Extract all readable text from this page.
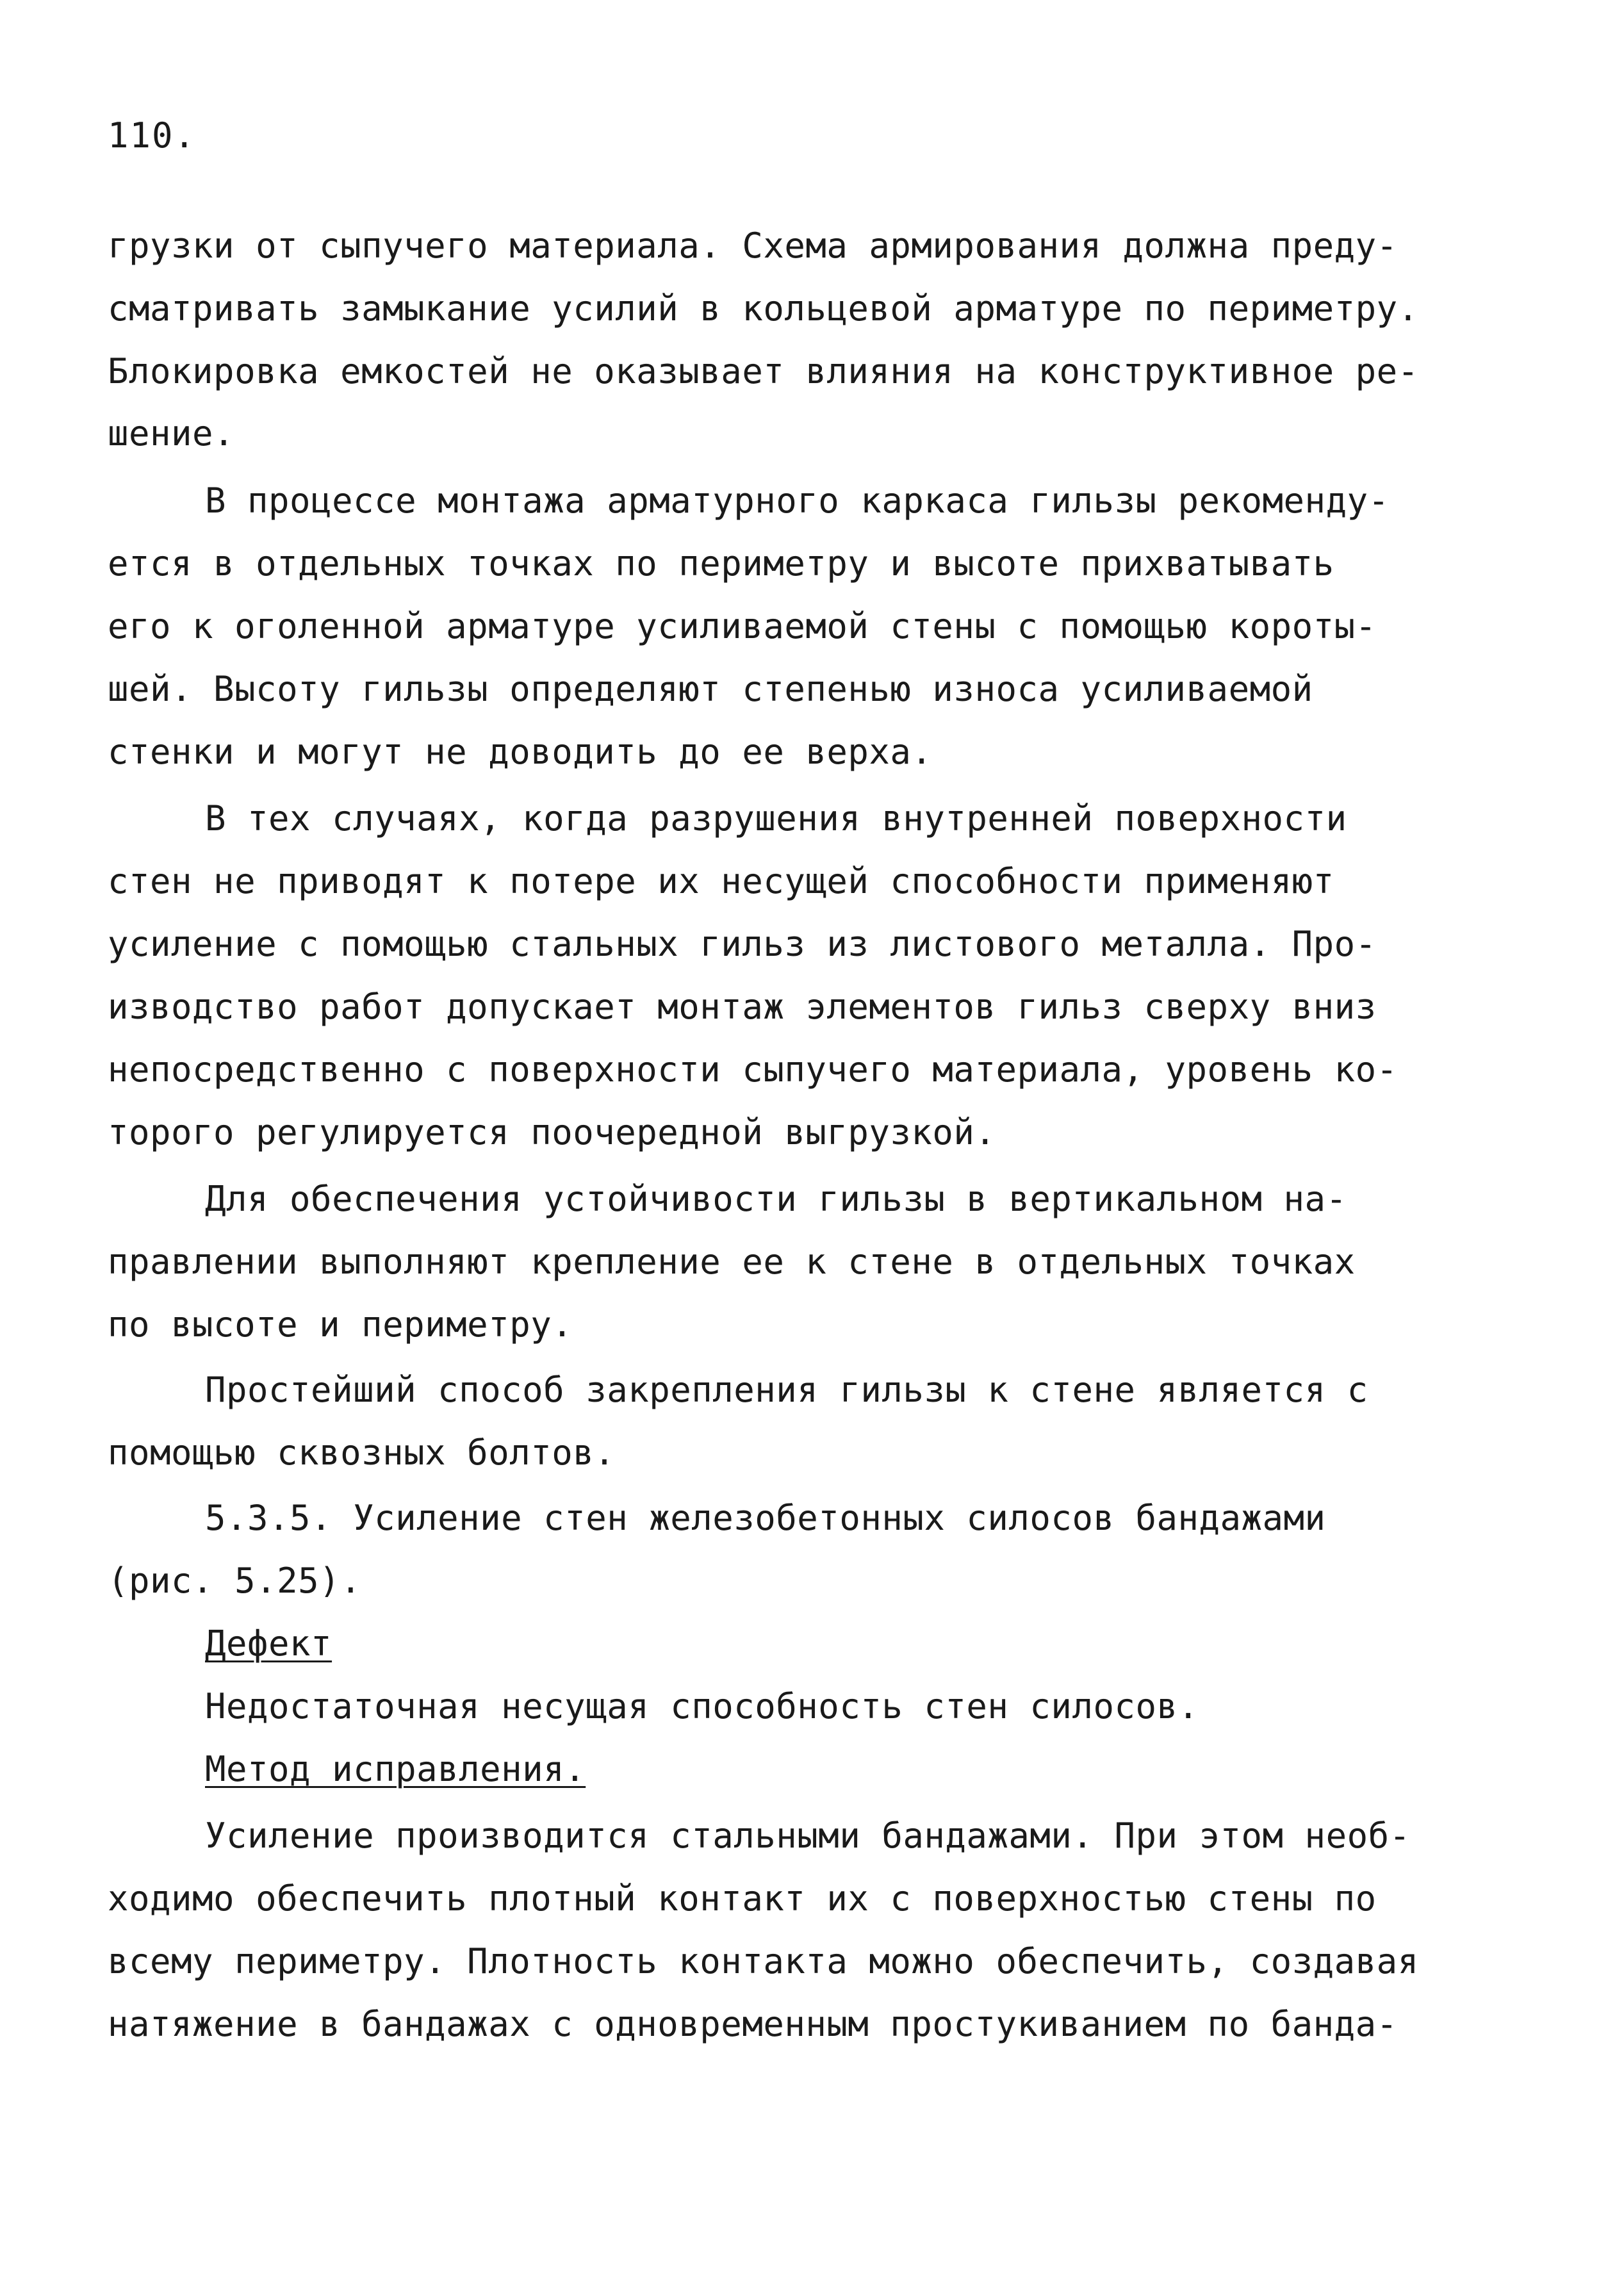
110.
грузки от сыпучего материала. Схема армирования должна преду-
сматривать замыкание усилий в кольцевой арматуре по периметру.
Блокировка емкостей не оказывает влияния на конструктивное ре-
шение.
В процессе монтажа арматурного каркаса гильзы рекоменду-
ется в отдельных точках по периметру и высоте прихватывать
его к оголенной арматуре усиливаемой стены с помощью короты-
шей. Высоту гильзы определяют степенью износа усиливаемой
стенки и могут не доводить до ее верха.
В тех случаях, когда разрушения внутренней поверхности
стен не приводят к потере их несущей способности применяют
усиление с помощью стальных гильз из листового металла. Про-
изводство работ допускает монтаж элементов гильз сверху вниз
непосредственно с поверхности сыпучего материала, уровень ко-
торого регулируется поочередной выгрузкой.
Для обеспечения устойчивости гильзы в вертикальном на-
правлении выполняют крепление ее к стене в отдельных точках
по высоте и периметру.
Простейший способ закрепления гильзы к стене является с
помощью сквозных болтов.
5.3.5. Усиление стен железобетонных силосов бандажами
(рис. 5.25).
Дефект
Недостаточная несущая способность стен силосов.
Метод исправления.
Усиление производится стальными бандажами. При этом необ-
ходимо обеспечить плотный контакт их с поверхностью стены по
всему периметру. Плотность контакта можно обеспечить, создавая
натяжение в бандажах с одновременным простукиванием по банда-
